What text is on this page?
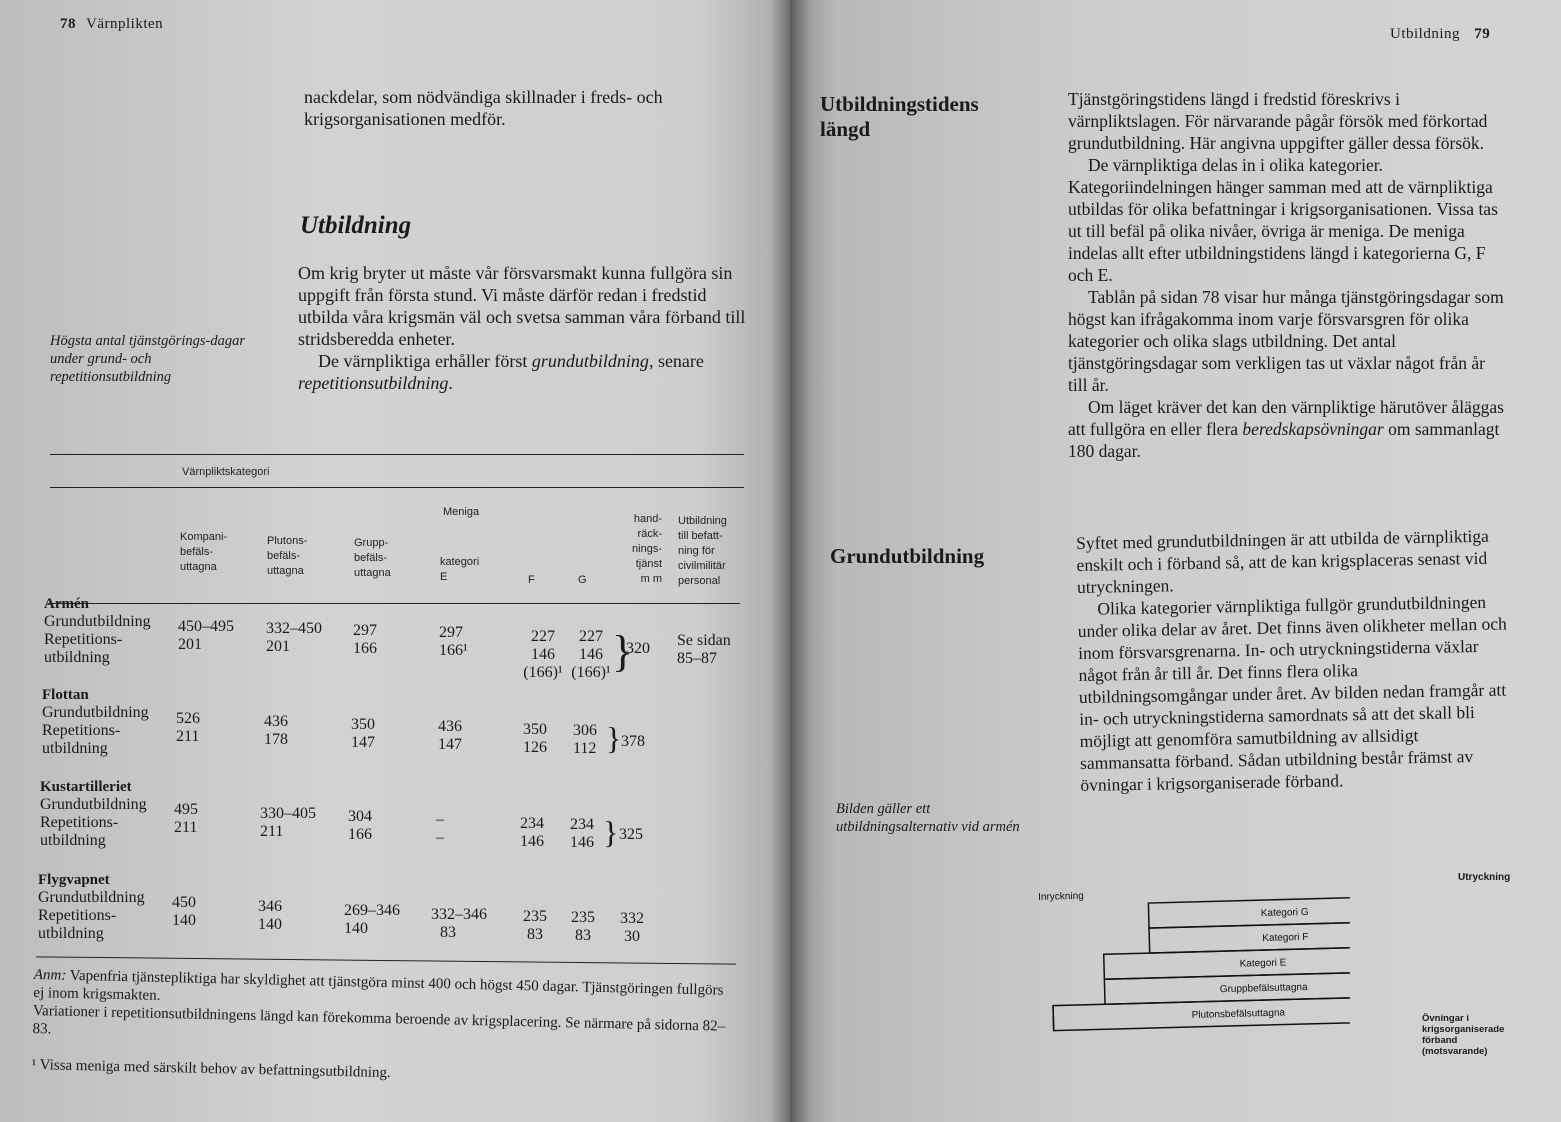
78 Värnplikten

nackdelar, som nödvändiga skillnader i freds- och krigsorganisationen medför.

Utbildning

Om krig bryter ut måste vår försvarsmakt kunna fullgöra sin uppgift från första stund. Vi måste därför redan i fredstid utbilda våra krigsmän väl och svetsa samman våra förband till stridsberedda enheter.

De värnpliktiga erhåller först grundutbildning, senare repetitionsutbildning.

Högsta antal tjänstgörings-dagar under grund- och repetitionsutbildning
Värnpliktskategori
Meniga
Kompani-
befäls-
uttagna
Plutons-
befäls-
uttagna
Grupp-
befäls-
uttagna
kategori
E	F	G
hand-
räck-
nings-
tjänst
m m
Utbildning
till befatt-
ning för
civilmilitär
personal
Armén
Grundutbildning
Repetitions-
utbildning
450–495
201
332–450
201
297
166
297
166¹
227
146
(166)¹
227
146
(166)¹ }
320 Se sidan
85–87
Flottan
Grundutbildning
Repetitions-
utbildning
526
211
436
178
350
147
436
147
350
126
306
112 } 378
Kustartilleriet
Grundutbildning
Repetitions-
utbildning
495
211
330–405
211
304
166
–
–
234
146
234
146 } 325
Flygvapnet
Grundutbildning
Repetitions-
utbildning
450
140
346
140
269–346
140
332–346
83
235
83
235
83
332
30
Anm: Vapenfria tjänstepliktiga har skyldighet att tjänstgöra minst 400 och högst 450 dagar. Tjänstgöringen fullgörs ej inom krigsmakten.
Variationer i repetitionsutbildningens längd kan förekomma beroende av krigsplacering. Se närmare på sidorna 82–83.
¹ Vissa meniga med särskilt behov av befattningsutbildning.
Utbildning 79
Utbildningstidens längd

Tjänstgöringstidens längd i fredstid föreskrivs i värnpliktslagen. För närvarande pågår försök med förkortad grundutbildning. Här angivna uppgifter gäller dessa försök.

De värnpliktiga delas in i olika kategorier. Kategoriindelningen hänger samman med att de värnpliktiga utbildas för olika befattningar i krigsorganisationen. Vissa tas ut till befäl på olika nivåer, övriga är meniga. De meniga indelas allt efter utbildningstidens längd i kategorierna G, F och E.

Tablån på sidan 78 visar hur många tjänstgöringsdagar som högst kan ifrågakomma inom varje försvarsgren för olika kategorier och olika slags utbildning. Det antal tjänstgöringsdagar som verkligen tas ut växlar något från år till år.

Om läget kräver det kan den värnpliktige härutöver åläggas att fullgöra en eller flera beredskapsövningar om sammanlagt 180 dagar.

Grundutbildning

Syftet med grundutbildningen är att utbilda de värnpliktiga enskilt och i förband så, att de kan krigsplaceras senast vid utryckningen.

Olika kategorier värnpliktiga fullgör grundutbildningen under olika delar av året. Det finns även olikheter mellan och inom försvarsgrenarna. In- och utryckningstiderna växlar något från år till år. Det finns flera olika utbildningsomgångar under året. Av bilden nedan framgår att in- och utryckningstiderna samordnats så att det skall bli möjligt att genomföra samutbildning av allsidigt sammansatta förband. Sådan utbildning består främst av övningar i krigsorganiserade förband.

Bilden gäller ett utbildningsalternativ vid armén
Kategori G
Kategori F
Kategori E
Gruppbefälsuttagna
Plutonsbefälsuttagna
Inryckning
Utryckning
Övningar i
krigsorganiserade
förband
(motsvarande)
